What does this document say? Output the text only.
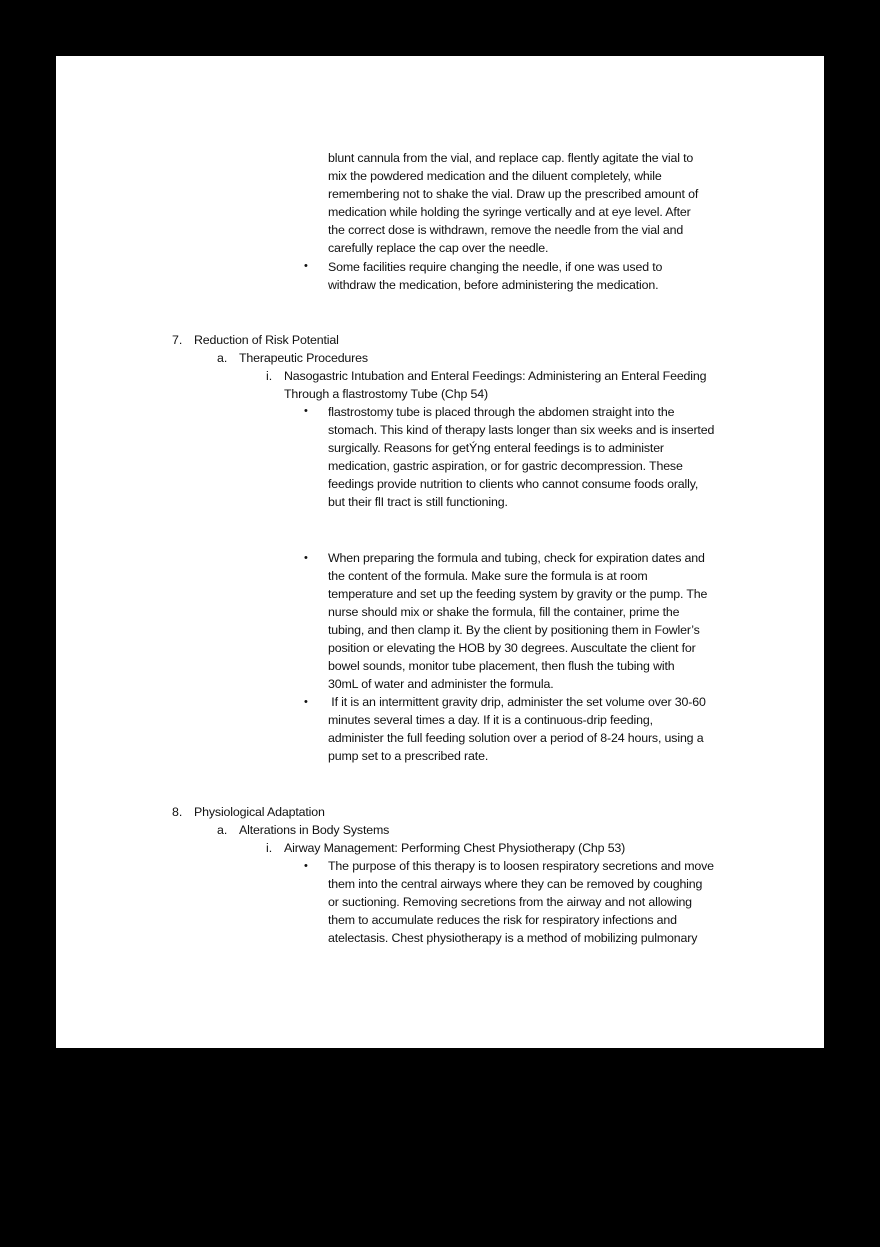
blunt cannula from the vial, and replace cap. flently agitate the vial to
mix the powdered medication and the diluent completely, while
remembering not to shake the vial. Draw up the prescribed amount of
medication while holding the syringe vertically and at eye level. After
the correct dose is withdrawn, remove the needle from the vial and
carefully replace the cap over the needle.
• Some facilities require changing the needle, if one was used to
withdraw the medication, before administering the medication.
7. Reduction of Risk Potential
a. Therapeutic Procedures
i. Nasogastric Intubation and Enteral Feedings: Administering an Enteral Feeding
Through a flastrostomy Tube (Chp 54)
• flastrostomy tube is placed through the abdomen straight into the
stomach. This kind of therapy lasts longer than six weeks and is inserted
surgically. Reasons for getÝng enteral feedings is to administer
medication, gastric aspiration, or for gastric decompression. These
feedings provide nutrition to clients who cannot consume foods orally,
but their flI tract is still functioning.
• When preparing the formula and tubing, check for expiration dates and
the content of the formula. Make sure the formula is at room
temperature and set up the feeding system by gravity or the pump. The
nurse should mix or shake the formula, fill the container, prime the
tubing, and then clamp it. By the client by positioning them in Fowler’s
position or elevating the HOB by 30 degrees. Auscultate the client for
bowel sounds, monitor tube placement, then flush the tubing with
30mL of water and administer the formula.
• If it is an intermittent gravity drip, administer the set volume over 30-60
minutes several times a day. If it is a continuous-drip feeding,
administer the full feeding solution over a period of 8-24 hours, using a
pump set to a prescribed rate.
8. Physiological Adaptation
a. Alterations in Body Systems
i. Airway Management: Performing Chest Physiotherapy (Chp 53)
• The purpose of this therapy is to loosen respiratory secretions and move
them into the central airways where they can be removed by coughing
or suctioning. Removing secretions from the airway and not allowing
them to accumulate reduces the risk for respiratory infections and
atelectasis. Chest physiotherapy is a method of mobilizing pulmonary
